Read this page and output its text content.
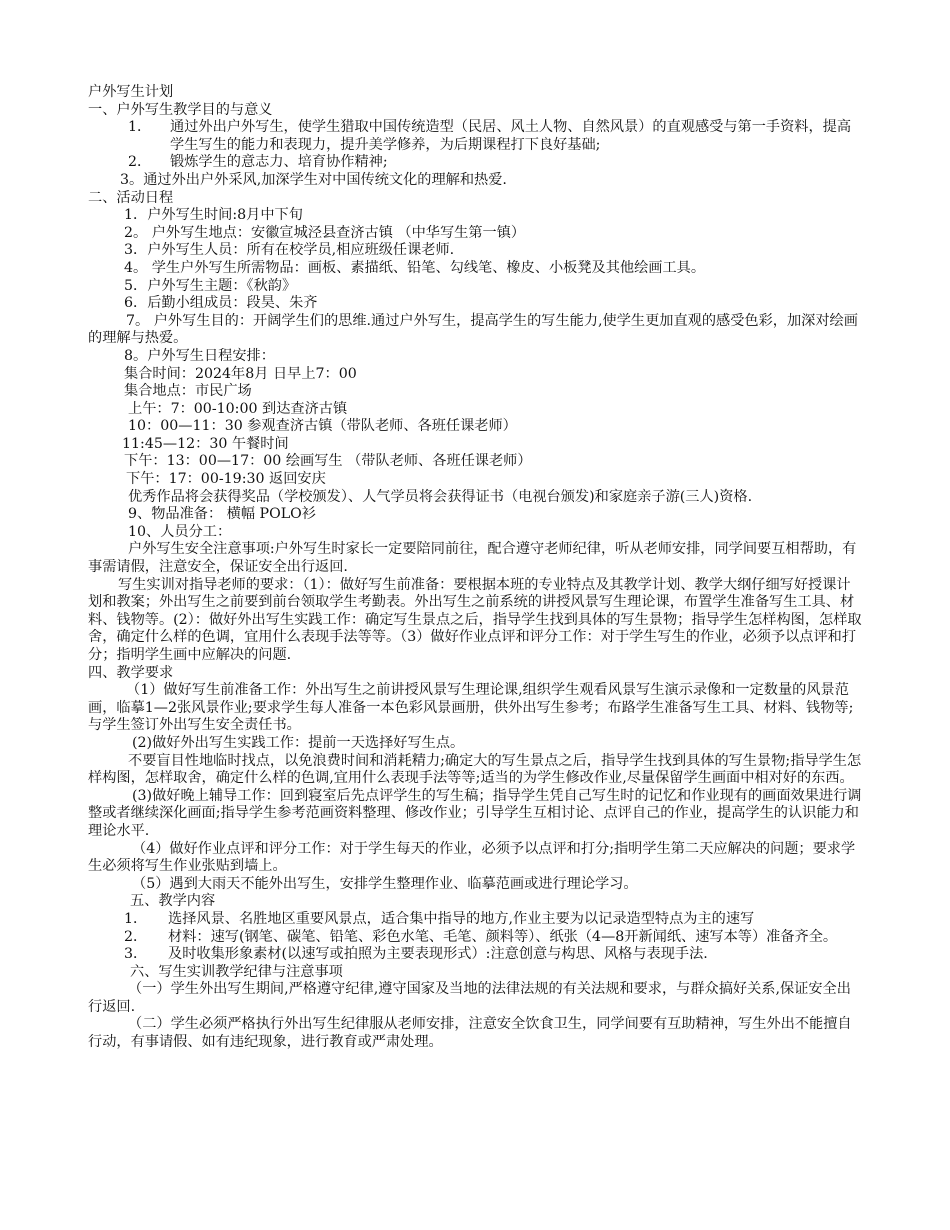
户外写生计划

一、户外写生教学目的与意义

1．	通过外出户外写生，使学生猎取中国传统造型（民居、风土人物、自然风景）的直观感受与第一手资料，提高学生写生的能力和表现力，提升美学修养，为后期课程打下良好基础;
2．	锻炼学生的意志力、培育协作精神;

3。通过外出户外采风,加深学生对中国传统文化的理解和热爱.

二、活动日程

1．户外写生时间:8月中下旬

2。 户外写生地点：安徽宣城泾县查济古镇 （中华写生第一镇）

3．户外写生人员：所有在校学员,相应班级任课老师.

4。 学生户外写生所需物品：画板、素描纸、铅笔、勾线笔、橡皮、小板凳及其他绘画工具。

5．户外写生主题：《秋韵》

6．后勤小组成员：段昊、朱齐

7。 户外写生目的：开阔学生们的思维.通过户外写生，提高学生的写生能力,使学生更加直观的感受色彩，加深对绘画的理解与热爱。

8。户外写生日程安排：

集合时间：2024年8月 日早上7：00

集合地点：市民广场

上午：7：00-10:00 到达查济古镇

10：00—11：30 参观查济古镇（带队老师、各班任课老师）

11:45—12：30 午餐时间

下午：13：00—17：00 绘画写生 （带队老师、各班任课老师）

下午：17：00-19:30 返回安庆

优秀作品将会获得奖品（学校颁发）、人气学员将会获得证书（电视台颁发)和家庭亲子游(三人)资格.

9、物品准备： 横幅 POLO衫

10、人员分工：

户外写生安全注意事项:户外写生时家长一定要陪同前往，配合遵守老师纪律，听从老师安排，同学间要互相帮助，有事需请假，注意安全，保证安全出行返回.

写生实训对指导老师的要求：（1）：做好写生前准备：要根据本班的专业特点及其教学计划、教学大纲仔细写好授课计划和教案；外出写生之前要到前台领取学生考勤表。外出写生之前系统的讲授风景写生理论课，布置学生准备写生工具、材料、钱物等。(2）：做好外出写生实践工作：确定写生景点之后，指导学生找到具体的写生景物；指导学生怎样构图，怎样取舍，确定什么样的色调，宜用什么表现手法等等。（3）做好作业点评和评分工作：对于学生写生的作业，必须予以点评和打分；指明学生画中应解决的问题.

四、教学要求

（1）做好写生前准备工作：外出写生之前讲授风景写生理论课,组织学生观看风景写生演示录像和一定数量的风景范画，临摹1—2张风景作业;要求学生每人准备一本色彩风景画册，供外出写生参考；布路学生准备写生工具、材料、钱物等;与学生签订外出写生安全责任书。

(2)做好外出写生实践工作：提前一天选择好写生点。

不要盲目性地临时找点，以免浪费时间和消耗精力;确定大的写生景点之后，指导学生找到具体的写生景物;指导学生怎样构图，怎样取舍，确定什么样的色调,宜用什么表现手法等等;适当的为学生修改作业,尽量保留学生画面中相对好的东西。

(3)做好晚上辅导工作：回到寝室后先点评学生的写生稿；指导学生凭自己写生时的记忆和作业现有的画面效果进行调整或者继续深化画面;指导学生参考范画资料整理、修改作业；引导学生互相讨论、点评自己的作业，提高学生的认识能力和理论水平.

（4）做好作业点评和评分工作：对于学生每天的作业，必须予以点评和打分;指明学生第二天应解决的问题；要求学生必须将写生作业张贴到墙上。

（5）遇到大雨天不能外出写生，安排学生整理作业、临摹范画或进行理论学习。

五、教学内容

1．	选择风景、名胜地区重要风景点，适合集中指导的地方,作业主要为以记录造型特点为主的速写
2．	材料：速写(钢笔、碳笔、铅笔、彩色水笔、毛笔、颜料等）、纸张（4—8开新闻纸、速写本等）准备齐全。
3．	及时收集形象素材(以速写或拍照为主要表现形式）:注意创意与构思、风格与表现手法.

六、写生实训教学纪律与注意事项

（一）学生外出写生期间,严格遵守纪律,遵守国家及当地的法律法规的有关法规和要求，与群众搞好关系,保证安全出行返回.

（二）学生必须严格执行外出写生纪律服从老师安排，注意安全饮食卫生，同学间要有互助精神，写生外出不能擅自行动，有事请假、如有违纪现象，进行教育或严肃处理。
